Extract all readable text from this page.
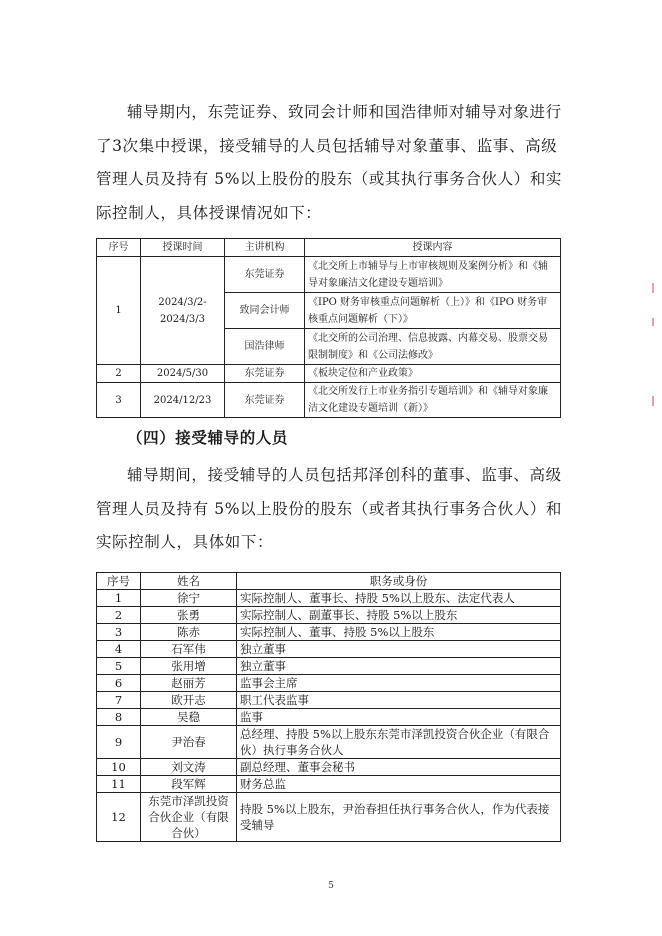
辅导期内，东莞证券、致同会计师和国浩律师对辅导对象进行了3次集中授课，接受辅导的人员包括辅导对象董事、监事、高级管理人员及持有 5%以上股份的股东（或其执行事务合伙人）和实际控制人，具体授课情况如下：

序号	授课时间	主讲机构	授课内容
1	2024/3/2-2024/3/3	东莞证券	《北交所上市辅导与上市审核规则及案例分析》和《辅导对象廉洁文化建设专题培训》
		致同会计师	《IPO 财务审核重点问题解析（上）》和《IPO 财务审核重点问题解析（下）》
		国浩律师	《北交所的公司治理、信息披露、内幕交易、股票交易限制制度》和《公司法修改》
2	2024/5/30	东莞证券	《板块定位和产业政策》
3	2024/12/23	东莞证券	《北交所发行上市业务指引专题培训》和《辅导对象廉洁文化建设专题培训（新）》

（四）接受辅导的人员

辅导期间，接受辅导的人员包括邦泽创科的董事、监事、高级管理人员及持有 5%以上股份的股东（或者其执行事务合伙人）和实际控制人，具体如下：

序号	姓名	职务或身份
1	徐宁	实际控制人、董事长、持股 5%以上股东、法定代表人
2	张勇	实际控制人、副董事长、持股 5%以上股东
3	陈赤	实际控制人、董事、持股 5%以上股东
4	石军伟	独立董事
5	张用增	独立董事
6	赵丽芳	监事会主席
7	欧开志	职工代表监事
8	吴稳	监事
9	尹治春	总经理、持股 5%以上股东东莞市泽凯投资合伙企业（有限合伙）执行事务合伙人
10	刘文涛	副总经理、董事会秘书
11	段军辉	财务总监
12	东莞市泽凯投资合伙企业（有限合伙）	持股 5%以上股东，尹治春担任执行事务合伙人，作为代表接受辅导
5
